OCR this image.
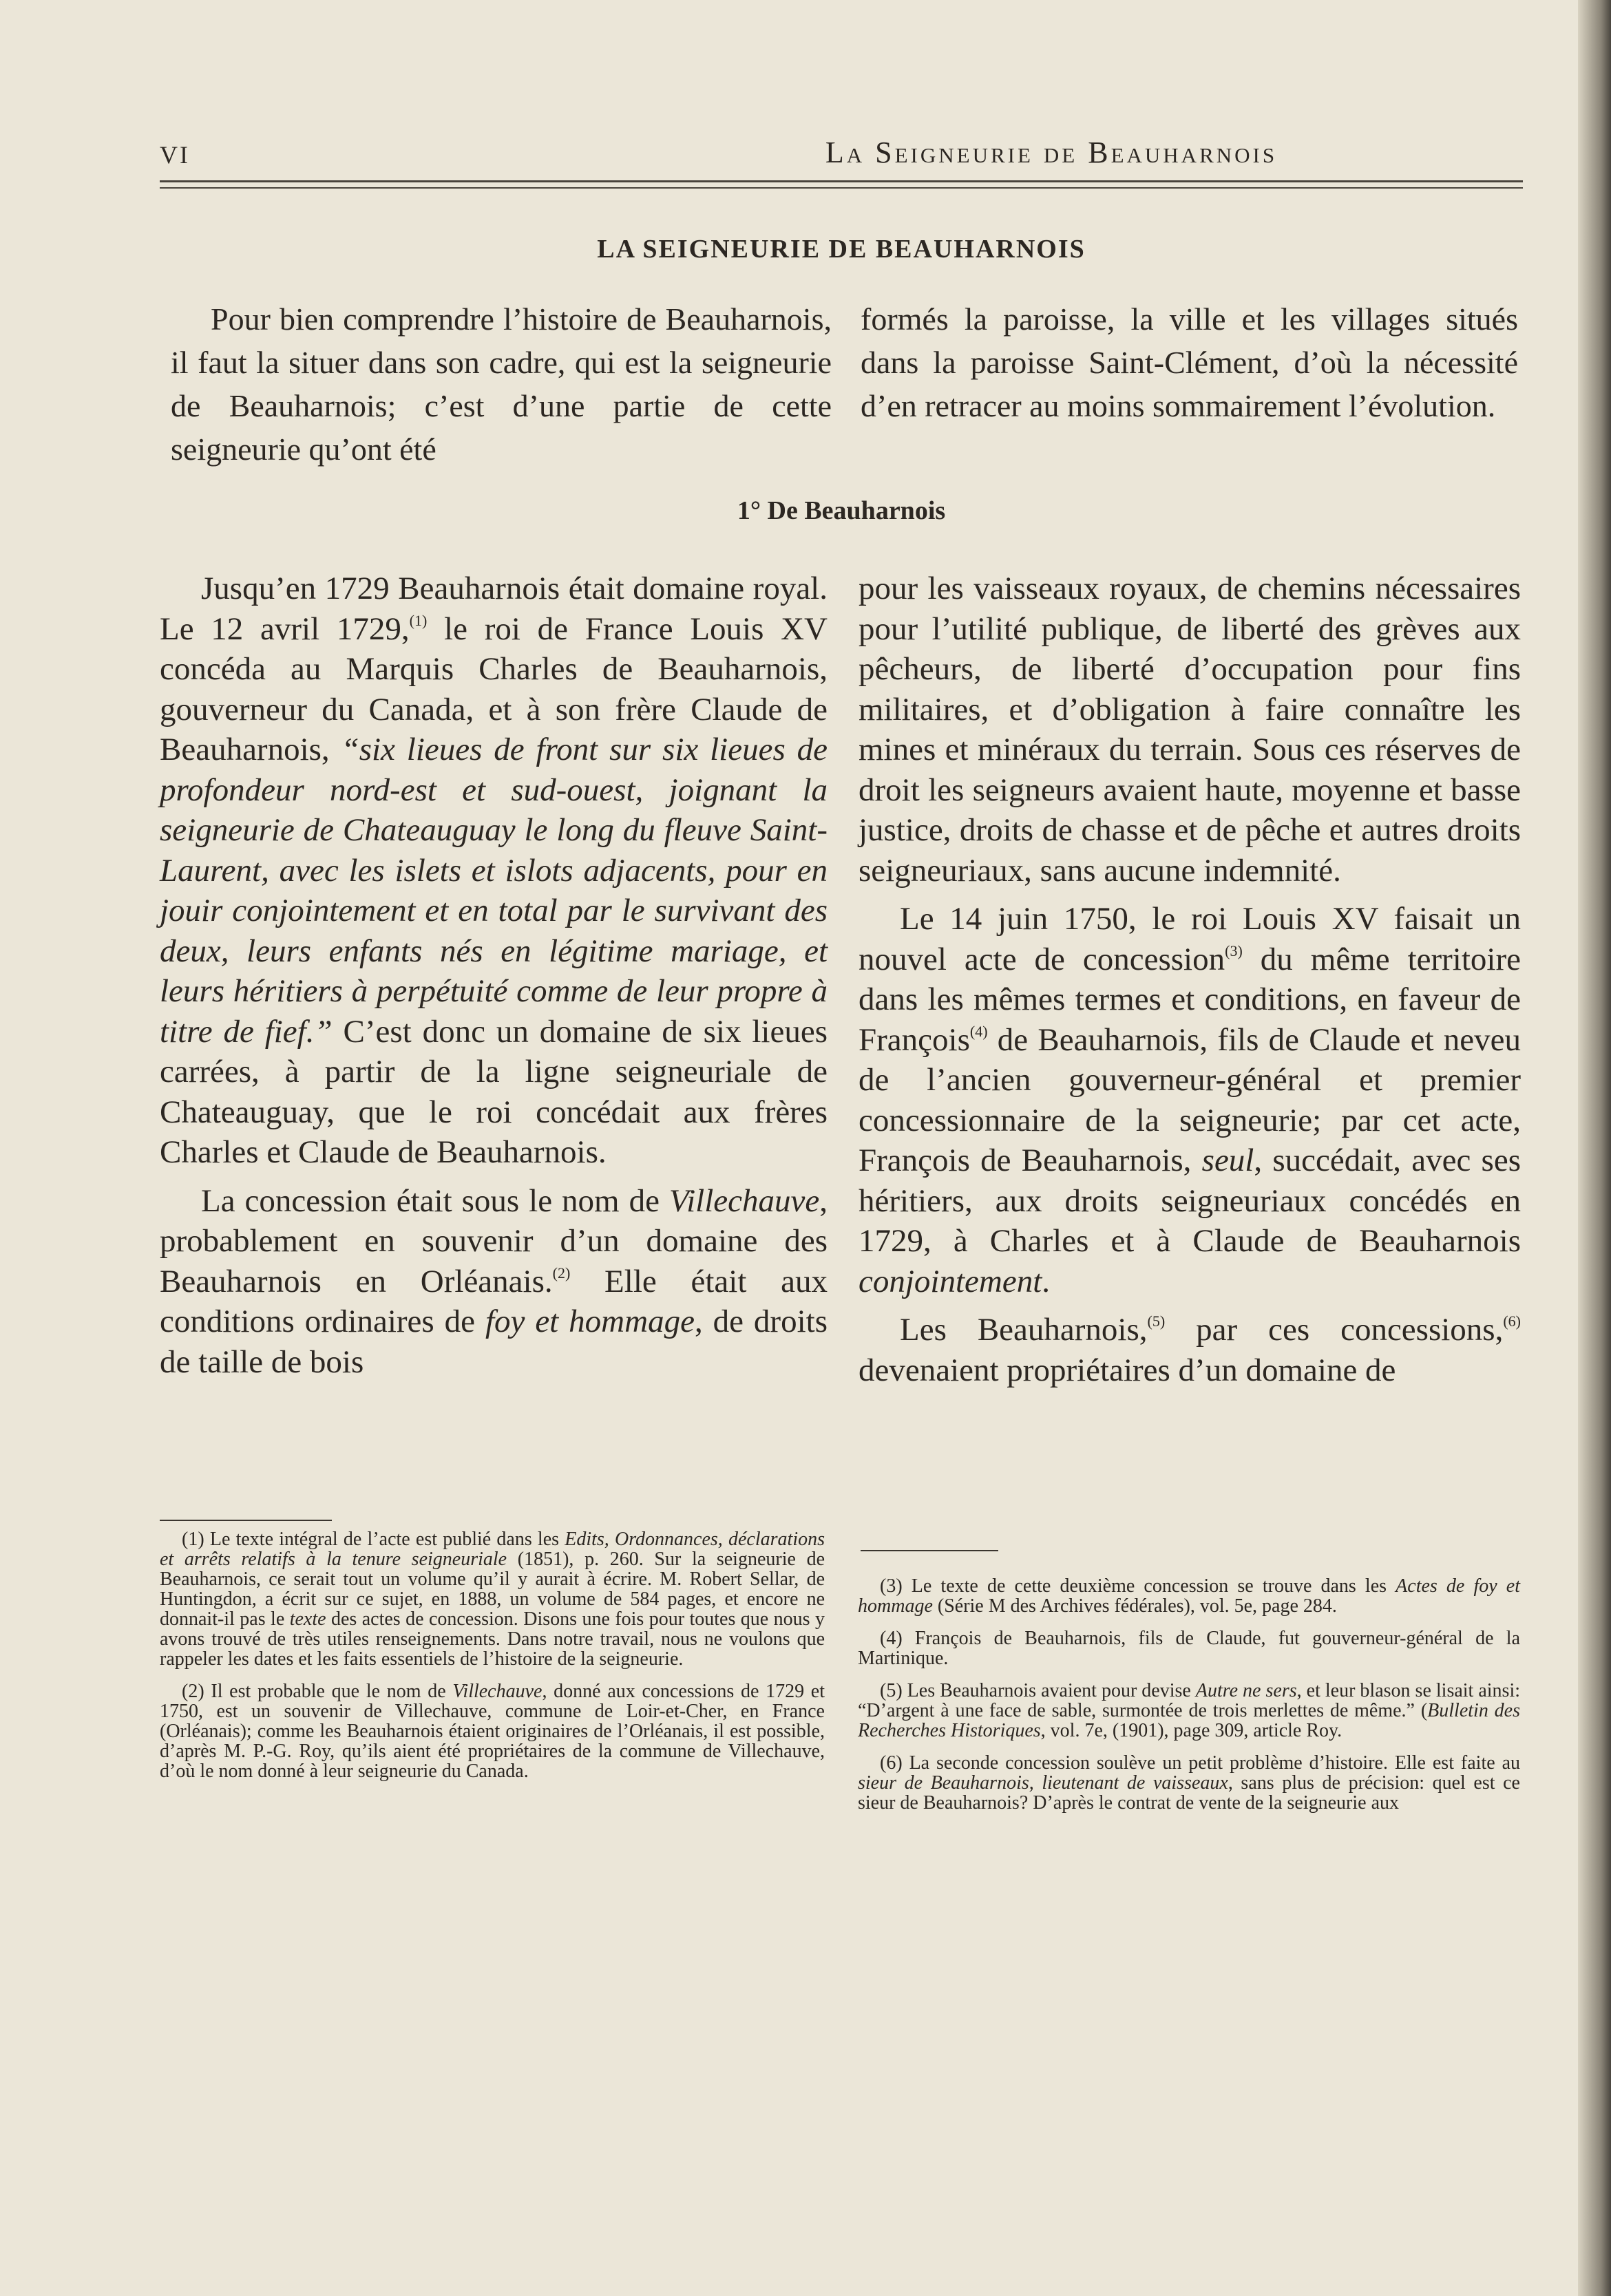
VI	La Seigneurie de Beauharnois
LA SEIGNEURIE DE BEAUHARNOIS

Pour bien comprendre l’histoire de Beauharnois, il faut la situer dans son cadre, qui est la seigneurie de Beauharnois; c’est d’une partie de cette seigneurie qu’ont été

formés la paroisse, la ville et les villages situés dans la paroisse Saint-Clément, d’où la nécessité d’en retracer au moins sommairement l’évolution.

1° De Beauharnois

Jusqu’en 1729 Beauharnois était domaine royal. Le 12 avril 1729,$^{(1)}$ le roi de France Louis XV concéda au Marquis Charles de Beauharnois, gouverneur du Canada, et à son frère Claude de Beauharnois, “six lieues de front sur six lieues de profondeur nord-est et sud-ouest, joignant la seigneurie de Chateauguay le long du fleuve Saint-Laurent, avec les islets et islots adjacents, pour en jouir conjointement et en total par le survivant des deux, leurs enfants nés en légitime mariage, et leurs héritiers à perpétuité comme de leur propre à titre de fief.” C’est donc un domaine de six lieues carrées, à partir de la ligne seigneuriale de Chateauguay, que le roi concédait aux frères Charles et Claude de Beauharnois.

La concession était sous le nom de Villechauve, probablement en souvenir d’un domaine des Beauharnois en Orléanais.$^{(2)}$ Elle était aux conditions ordinaires de foy et hommage, de droits de taille de bois

pour les vaisseaux royaux, de chemins nécessaires pour l’utilité publique, de liberté des grèves aux pêcheurs, de liberté d’occupation pour fins militaires, et d’obligation à faire connaître les mines et minéraux du terrain. Sous ces réserves de droit les seigneurs avaient haute, moyenne et basse justice, droits de chasse et de pêche et autres droits seigneuriaux, sans aucune indemnité.

Le 14 juin 1750, le roi Louis XV faisait un nouvel acte de concession$^{(3)}$ du même territoire dans les mêmes termes et conditions, en faveur de François$^{(4)}$ de Beauharnois, fils de Claude et neveu de l’ancien gouverneur-général et premier concessionnaire de la seigneurie; par cet acte, François de Beauharnois, seul, succédait, avec ses héritiers, aux droits seigneuriaux concédés en 1729, à Charles et à Claude de Beauharnois conjointement.

Les Beauharnois,$^{(5)}$ par ces concessions,$^{(6)}$ devenaient propriétaires d’un domaine de

(1) Le texte intégral de l’acte est publié dans les Edits, Ordonnances, déclarations et arrêts relatifs à la tenure seigneuriale (1851), p. 260. Sur la seigneurie de Beauharnois, ce serait tout un volume qu’il y aurait à écrire. M. Robert Sellar, de Huntingdon, a écrit sur ce sujet, en 1888, un volume de 584 pages, et encore ne donnait-il pas le texte des actes de concession. Disons une fois pour toutes que nous y avons trouvé de très utiles renseignements. Dans notre travail, nous ne voulons que rappeler les dates et les faits essentiels de l’histoire de la seigneurie.

(2) Il est probable que le nom de Villechauve, donné aux concessions de 1729 et 1750, est un souvenir de Villechauve, commune de Loir-et-Cher, en France (Orléanais); comme les Beauharnois étaient originaires de l’Orléanais, il est possible, d’après M. P.-G. Roy, qu’ils aient été propriétaires de la commune de Villechauve, d’où le nom donné à leur seigneurie du Canada.

(3) Le texte de cette deuxième concession se trouve dans les Actes de foy et hommage (Série M des Archives fédérales), vol. 5e, page 284.

(4) François de Beauharnois, fils de Claude, fut gouverneur-général de la Martinique.

(5) Les Beauharnois avaient pour devise Autre ne sers, et leur blason se lisait ainsi: “D’argent à une face de sable, surmontée de trois merlettes de même.” (Bulletin des Recherches Historiques, vol. 7e, (1901), page 309, article Roy.

(6) La seconde concession soulève un petit problème d’histoire. Elle est faite au sieur de Beauharnois, lieutenant de vaisseaux, sans plus de précision: quel est ce sieur de Beauharnois? D’après le contrat de vente de la seigneurie aux
